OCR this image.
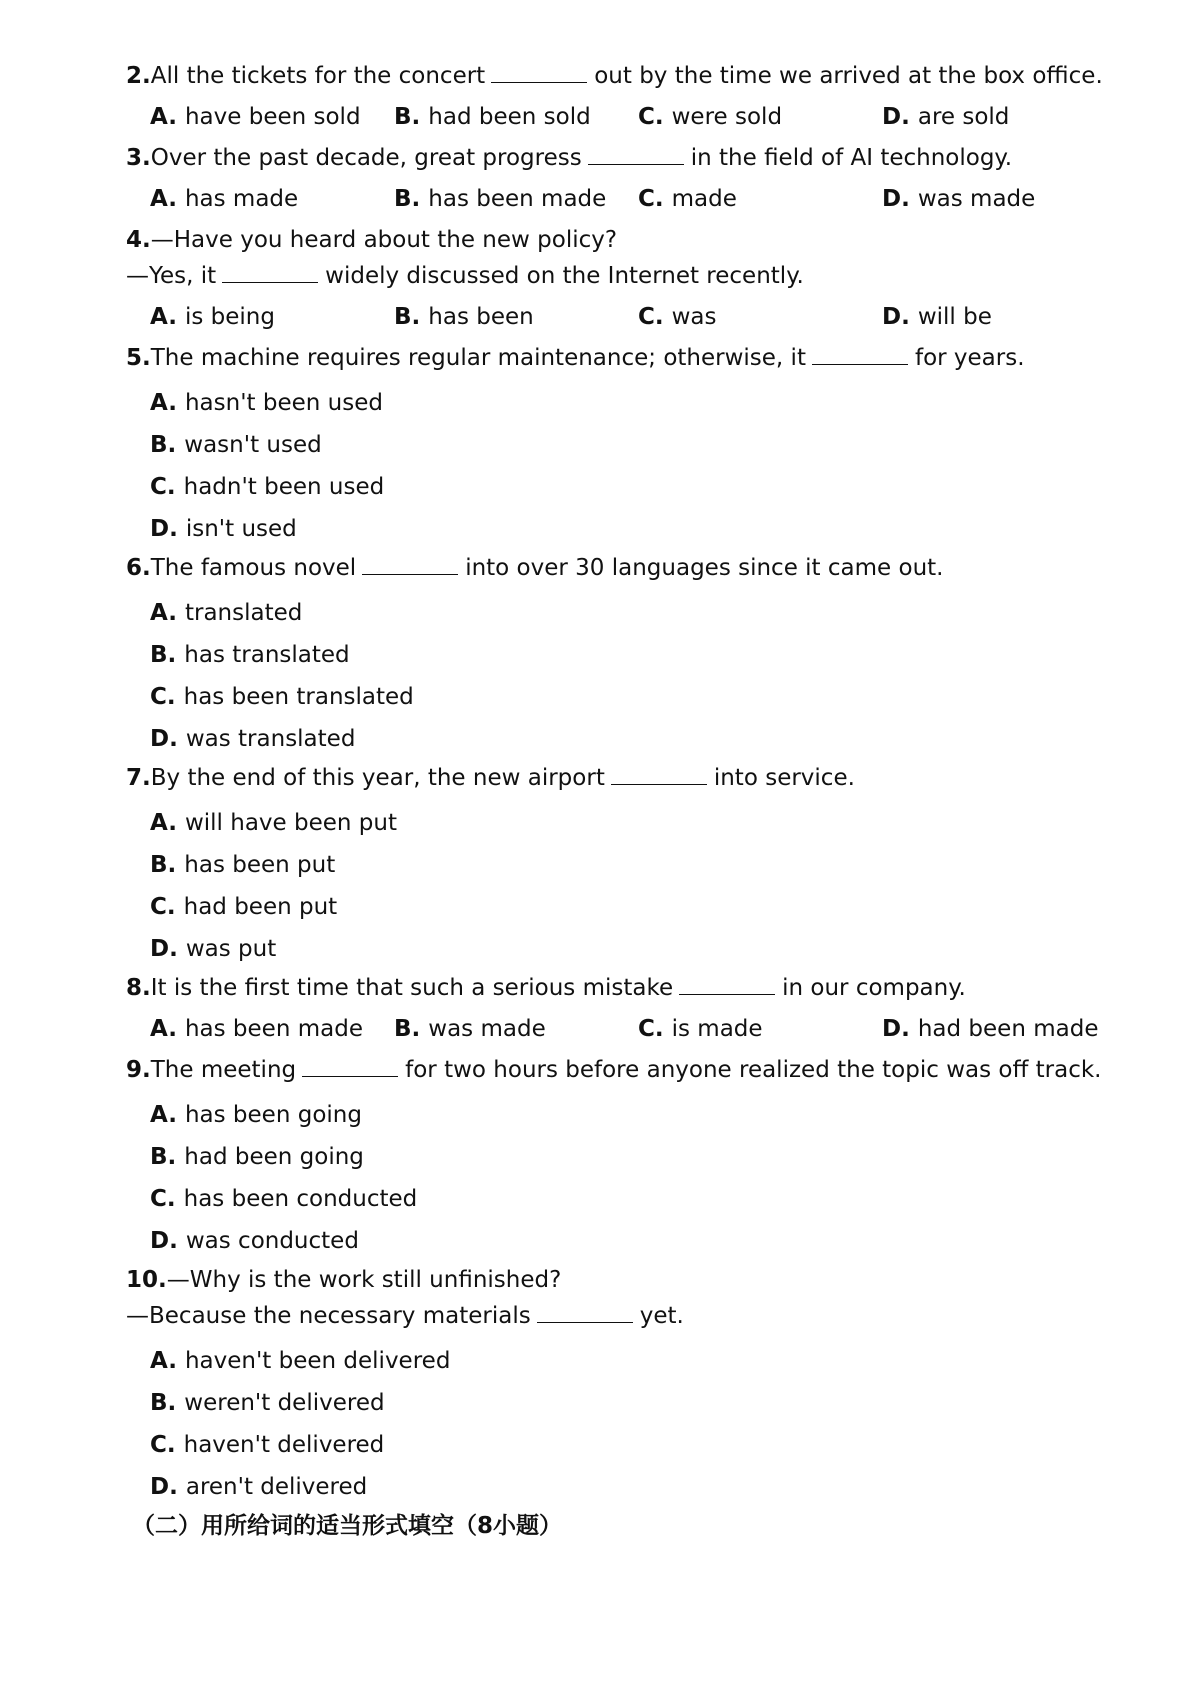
2.All the tickets for the concert	out by the time we arrived at the box office.
A. have been sold	B. had been sold	C. were sold	D. are sold
3.Over the past decade, great progress	in the field of AI technology.
A. has made	B. has been made	C. made	D. was made
4.—Have you heard about the new policy?
—Yes, it	widely discussed on the Internet recently.
A. is being	B. has been	C. was	D. will be
5.The machine requires regular maintenance; otherwise, it	for years.
A. hasn't been used
B. wasn't used
C. hadn't been used
D. isn't used
6.The famous novel	into over 30 languages since it came out.
A. translated
B. has translated
C. has been translated
D. was translated
7.By the end of this year, the new airport	into service.
A. will have been put
B. has been put
C. had been put
D. was put
8.It is the first time that such a serious mistake	in our company.
A. has been made	B. was made	C. is made	D. had been made
9.The meeting	for two hours before anyone realized the topic was off track.
A. has been going
B. had been going
C. has been conducted
D. was conducted
10.—Why is the work still unfinished?
—Because the necessary materials	yet.
A. haven't been delivered
B. weren't delivered
C. haven't delivered
D. aren't delivered
（二）用所给词的适当形式填空（8小题）
